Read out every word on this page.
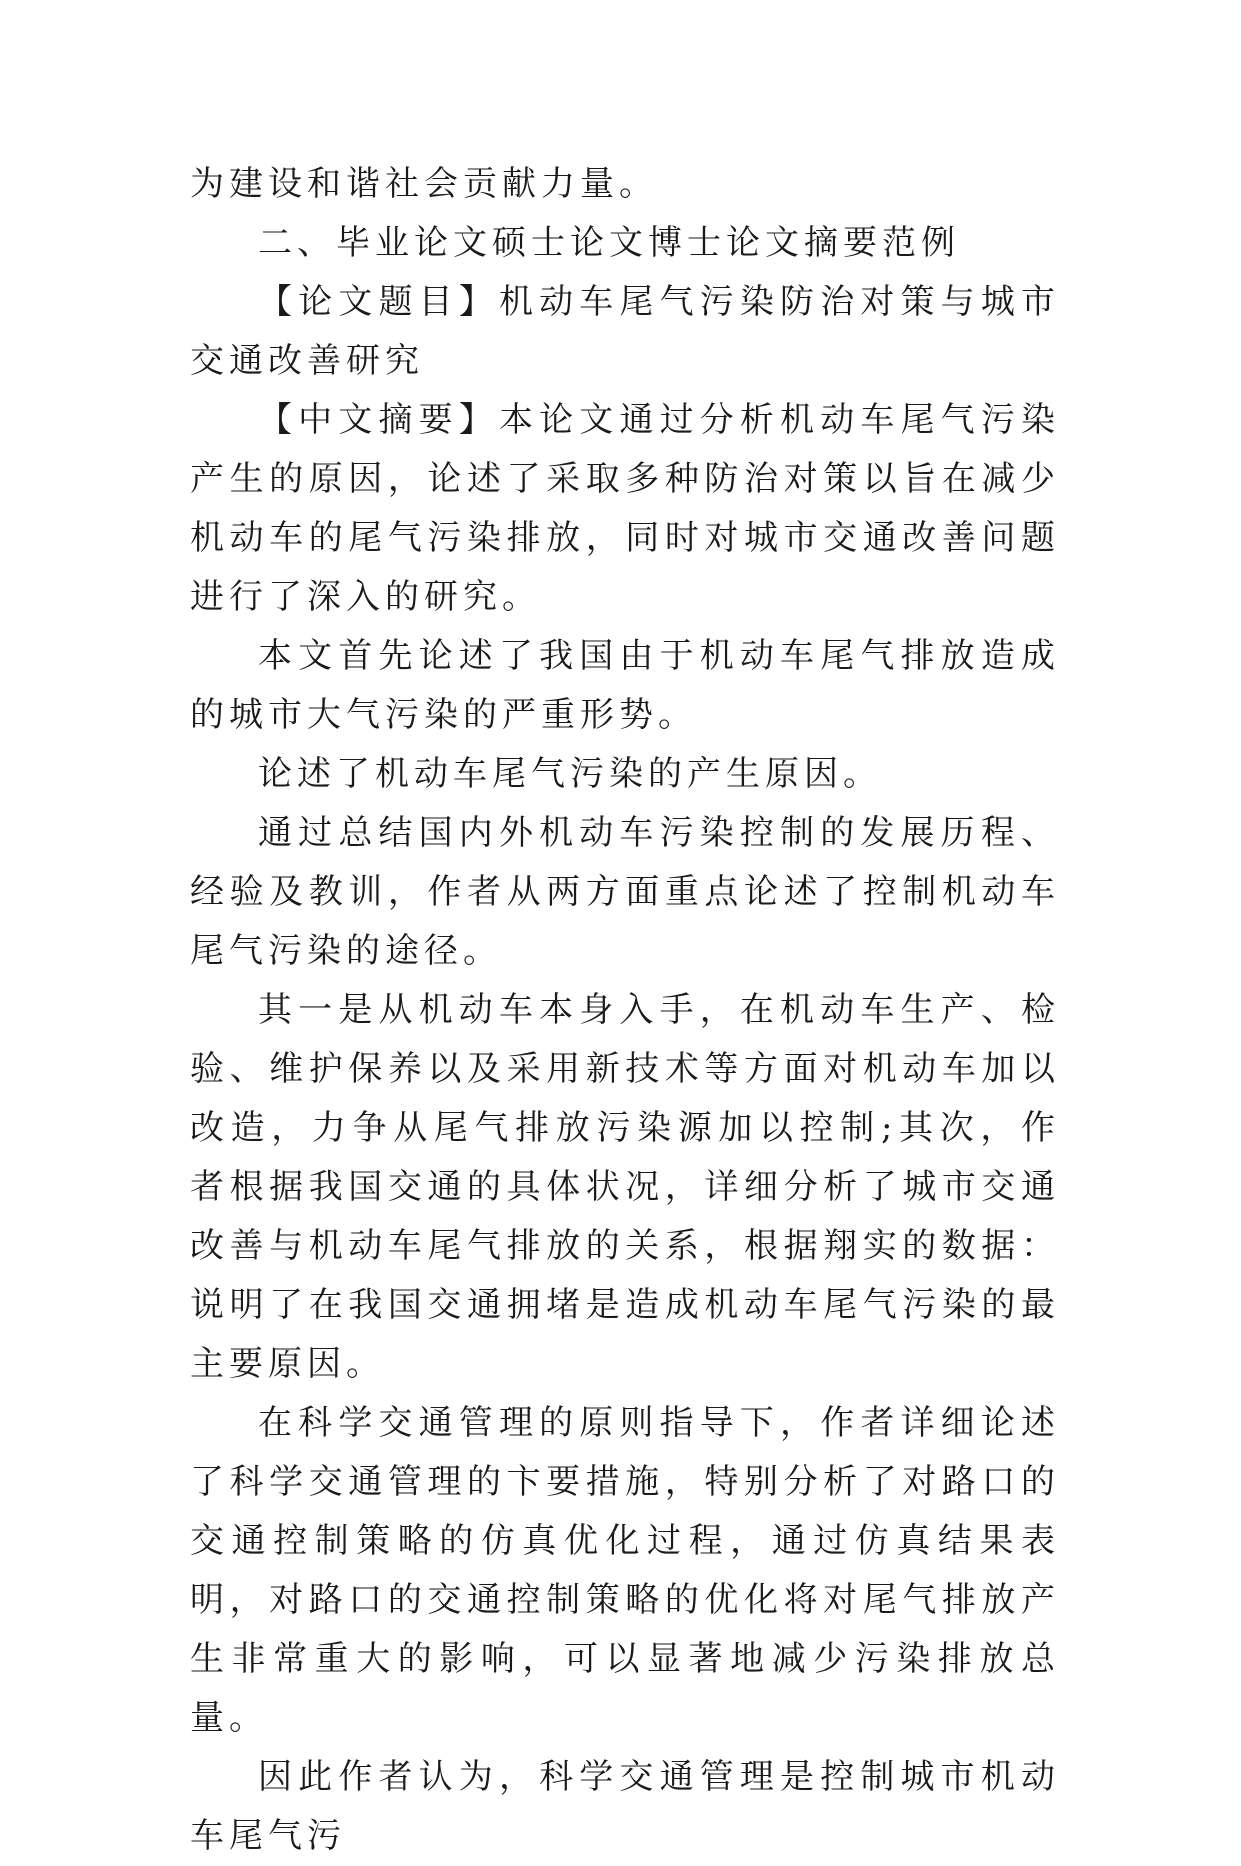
为建设和谐社会贡献力量。

二、毕业论文硕士论文博士论文摘要范例

【论文题目】机动车尾气污染防治对策与城市交通改善研究

【中文摘要】本论文通过分析机动车尾气污染产生的原因，论述了采取多种防治对策以旨在减少机动车的尾气污染排放，同时对城市交通改善问题进行了深入的研究。

本文首先论述了我国由于机动车尾气排放造成的城市大气污染的严重形势。

论述了机动车尾气污染的产生原因。

通过总结国内外机动车污染控制的发展历程、经验及教训，作者从两方面重点论述了控制机动车尾气污染的途径。

其一是从机动车本身入手，在机动车生产、检验、维护保养以及采用新技术等方面对机动车加以改造，力争从尾气排放污染源加以控制;其次，作者根据我国交通的具体状况，详细分析了城市交通改善与机动车尾气排放的关系，根据翔实的数据：说明了在我国交通拥堵是造成机动车尾气污染的最主要原因。

在科学交通管理的原则指导下，作者详细论述了科学交通管理的卞要措施，特别分析了对路口的交通控制策略的仿真优化过程，通过仿真结果表明，对路口的交通控制策略的优化将对尾气排放产生非常重大的影响，可以显著地减少污染排放总量。

因此作者认为，科学交通管理是控制城市机动车尾气污
